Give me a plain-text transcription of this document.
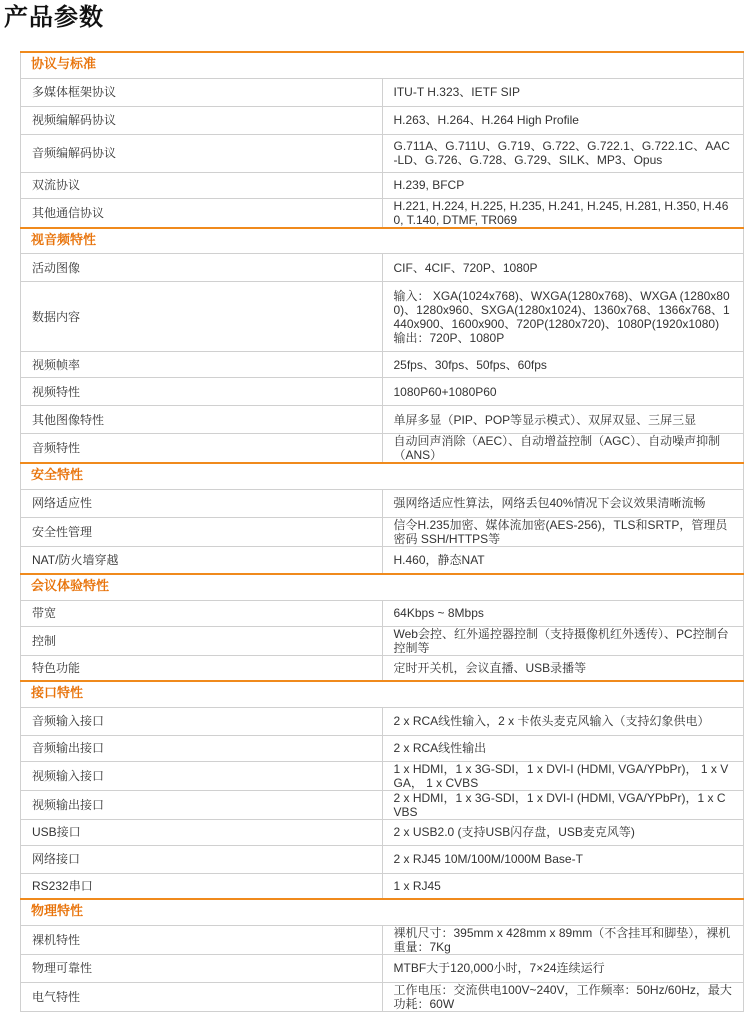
产品参数
协议与标准	
多媒体框架协议	ITU-T H.323、IETF SIP

视频编解码协议	H.263、H.264、H.264 High Profile

音频编解码协议	G.711A、G.711U、G.719、G.722、G.722.1、G.722.1C、AAC-LD、G.726、G.728、G.729、SILK、MP3、Opus

双流协议	H.239, BFCP

其他通信协议	H.221, H.224, H.225, H.235, H.241, H.245, H.281, H.350, H.460, T.140, DTMF, TR069

视音频特性	
活动图像	CIF、4CIF、720P、1080P

数据内容	输入： XGA(1024x768)、WXGA(1280x768)、WXGA (1280x800)、1280x960、SXGA(1280x1024)、1360x768、1366x768、1440x900、1600x900、720P(1280x720)、1080P(1920x1080)
输出：720P、1080P

视频帧率	25fps、30fps、50fps、60fps

视频特性	1080P60+1080P60

其他图像特性	单屏多显（PIP、POP等显示模式）、双屏双显、三屏三显

音频特性	自动回声消除（AEC）、自动增益控制（AGC）、自动噪声抑制（ANS）

安全特性	
网络适应性	强网络适应性算法，网络丢包40%情况下会议效果清晰流畅

安全性管理	信令H.235加密、媒体流加密(AES-256)，TLS和SRTP，管理员密码 SSH/HTTPS等

NAT/防火墙穿越	H.460，静态NAT

会议体验特性	
带宽	64Kbps ~ 8Mbps

控制	Web会控、红外遥控器控制（支持摄像机红外透传）、PC控制台控制等

特色功能	定时开关机，会议直播、USB录播等

接口特性	
音频输入接口	2 x RCA线性输入，2 x 卡侬头麦克风输入（支持幻象供电）

音频输出接口	2 x RCA线性输出

视频输入接口	1 x HDMI，1 x 3G-SDI，1 x DVI-I (HDMI, VGA/YPbPr)， 1 x VGA， 1 x CVBS

视频输出接口	2 x HDMI，1 x 3G-SDI，1 x DVI-I (HDMI, VGA/YPbPr)，1 x CVBS

USB接口	2 x USB2.0 (支持USB闪存盘，USB麦克风等)

网络接口	2 x RJ45 10M/100M/1000M Base-T

RS232串口	1 x RJ45

物理特性	
裸机特性	裸机尺寸：395mm x 428mm x 89mm（不含挂耳和脚垫），裸机重量：7Kg

物理可靠性	MTBF大于120,000小时，7×24连续运行

电气特性	工作电压：交流供电100V~240V，工作频率：50Hz/60Hz，最大功耗：60W
